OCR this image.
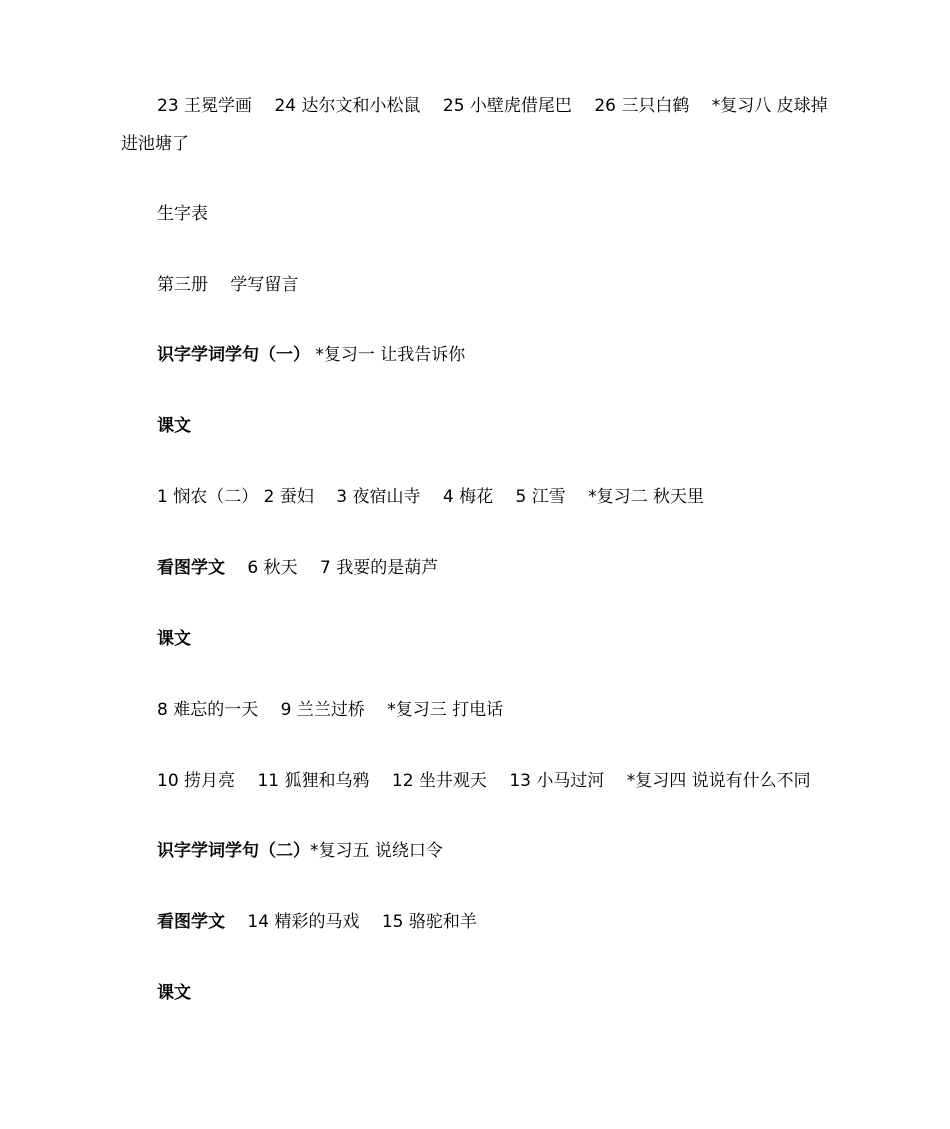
23 王冕学画　 24 达尔文和小松鼠　 25 小壁虎借尾巴　 26 三只白鹤　 *复习八 皮球掉进池塘了

生字表

第三册　 学写留言

识字学词学句（一） *复习一 让我告诉你

课文

1 悯农（二） 2 蚕妇　 3 夜宿山寺　 4 梅花　 5 江雪　 *复习二 秋天里

看图学文　 6 秋天　 7 我要的是葫芦

课文

8 难忘的一天　 9 兰兰过桥　 *复习三 打电话

10 捞月亮　 11 狐狸和乌鸦　 12 坐井观天　 13 小马过河　 *复习四 说说有什么不同

识字学词学句（二）*复习五 说绕口令

看图学文　 14 精彩的马戏　 15 骆驼和羊

课文
